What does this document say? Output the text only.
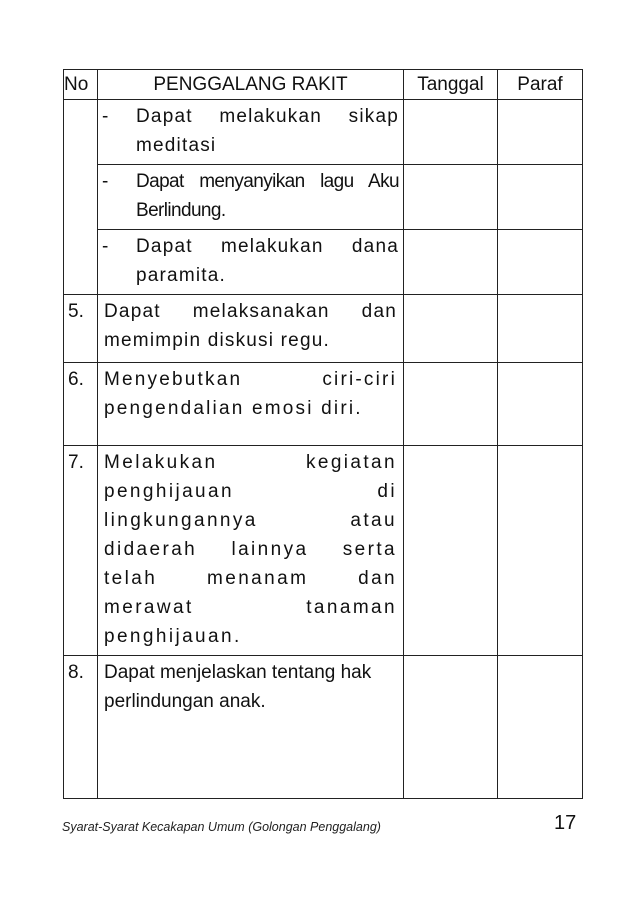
No	PENGGALANG RAKIT	Tanggal	Paraf

	- Dapat melakukan sikap meditasi		

	- Dapat menyanyikan lagu Aku Berlindung.		

	- Dapat melakukan dana paramita.		

5.	Dapat melaksanakan dan memimpin diskusi regu.		

6.	Menyebutkan ciri-ciri pengendalian emosi diri.		

7.	Melakukan kegiatan penghijauan di lingkungannya atau didaerah lainnya serta telah menanam dan merawat tanaman penghijauan.		

8.	Dapat menjelaskan tentang hak perlindungan anak.		

Syarat-Syarat Kecakapan Umum (Golongan Penggalang)	17
